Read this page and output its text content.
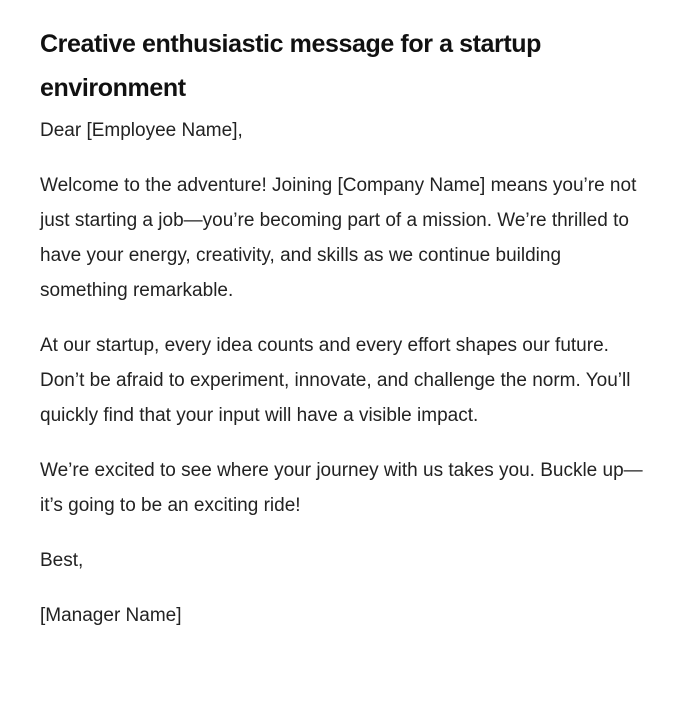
Creative enthusiastic message for a startup environment

Dear [Employee Name],

Welcome to the adventure! Joining [Company Name] means you’re not just starting a job—you’re becoming part of a mission. We’re thrilled to have your energy, creativity, and skills as we continue building something remarkable.

At our startup, every idea counts and every effort shapes our future. Don’t be afraid to experiment, innovate, and challenge the norm. You’ll quickly find that your input will have a visible impact.

We’re excited to see where your journey with us takes you. Buckle up—it’s going to be an exciting ride!

Best,

[Manager Name]
